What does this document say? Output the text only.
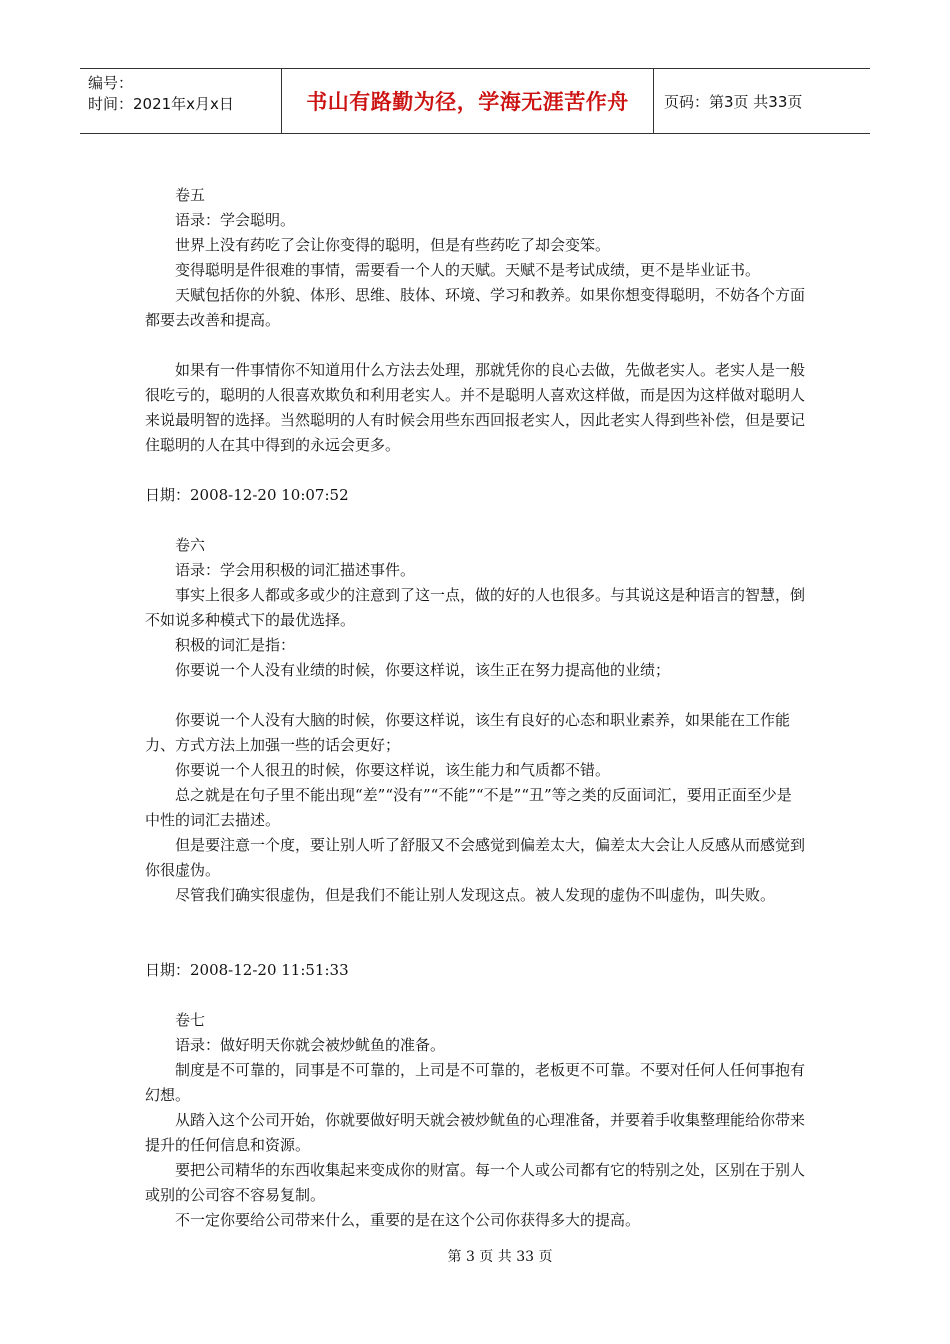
编号：
时间：2021年x月x日	书山有路勤为径，学海无涯苦作舟	页码：第3页 共33页

卷五

语录：学会聪明。

世界上没有药吃了会让你变得的聪明，但是有些药吃了却会变笨。

变得聪明是件很难的事情，需要看一个人的天赋。天赋不是考试成绩，更不是毕业证书。

天赋包括你的外貌、体形、思维、肢体、环境、学习和教养。如果你想变得聪明，不妨各个方面都要去改善和提高。

如果有一件事情你不知道用什么方法去处理，那就凭你的良心去做，先做老实人。老实人是一般很吃亏的，聪明的人很喜欢欺负和利用老实人。并不是聪明人喜欢这样做，而是因为这样做对聪明人来说最明智的选择。当然聪明的人有时候会用些东西回报老实人，因此老实人得到些补偿，但是要记住聪明的人在其中得到的永远会更多。

日期：2008-12-20 10:07:52

卷六

语录：学会用积极的词汇描述事件。

事实上很多人都或多或少的注意到了这一点，做的好的人也很多。与其说这是种语言的智慧，倒不如说多种模式下的最优选择。

积极的词汇是指：

你要说一个人没有业绩的时候，你要这样说，该生正在努力提高他的业绩；

你要说一个人没有大脑的时候，你要这样说，该生有良好的心态和职业素养，如果能在工作能力、方式方法上加强一些的话会更好；

你要说一个人很丑的时候，你要这样说，该生能力和气质都不错。

总之就是在句子里不能出现“差”“没有”“不能”“不是”“丑”等之类的反面词汇，要用正面至少是中性的词汇去描述。

但是要注意一个度，要让别人听了舒服又不会感觉到偏差太大，偏差太大会让人反感从而感觉到你很虚伪。

尽管我们确实很虚伪，但是我们不能让别人发现这点。被人发现的虚伪不叫虚伪，叫失败。

日期：2008-12-20 11:51:33

卷七

语录：做好明天你就会被炒鱿鱼的准备。

制度是不可靠的，同事是不可靠的，上司是不可靠的，老板更不可靠。不要对任何人任何事抱有幻想。

从踏入这个公司开始，你就要做好明天就会被炒鱿鱼的心理准备，并要着手收集整理能给你带来提升的任何信息和资源。

要把公司精华的东西收集起来变成你的财富。每一个人或公司都有它的特别之处，区别在于别人或别的公司容不容易复制。

不一定你要给公司带来什么，重要的是在这个公司你获得多大的提高。

第 3 页 共 33 页
